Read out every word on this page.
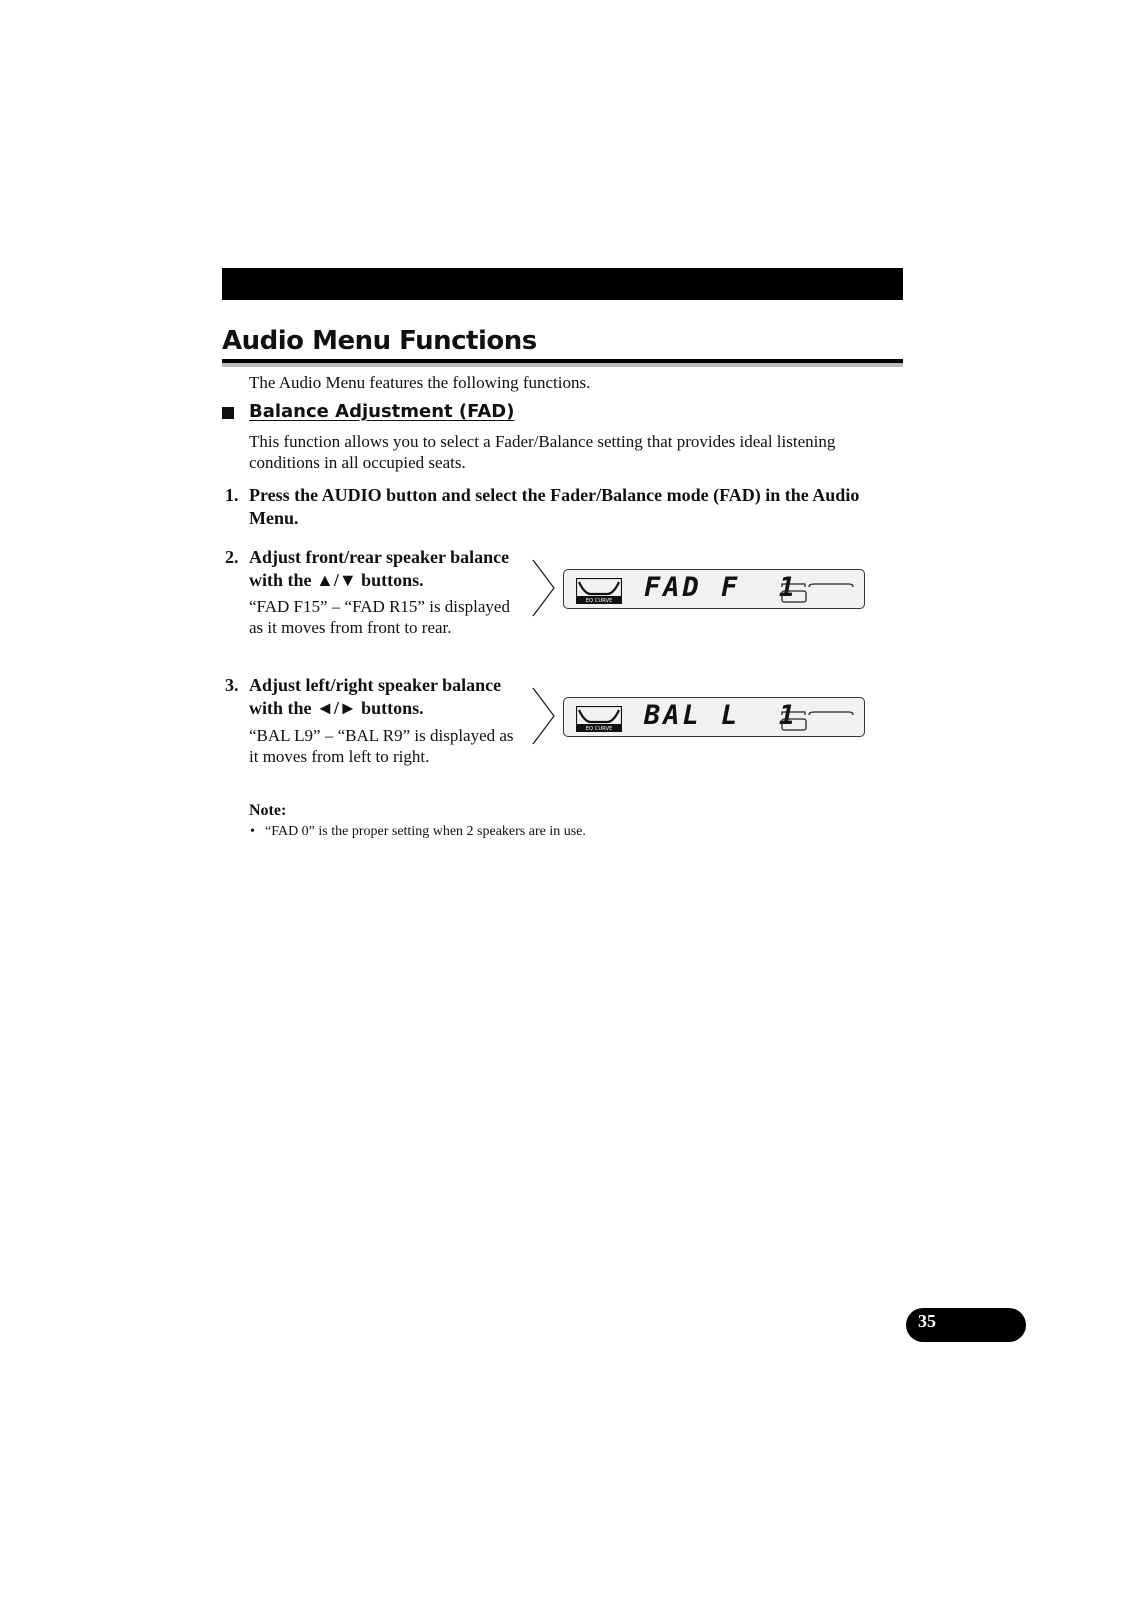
Audio Menu Functions
The Audio Menu features the following functions.
Balance Adjustment (FAD)
This function allows you to select a Fader/Balance setting that provides ideal listening conditions in all occupied seats.
1. Press the AUDIO button and select the Fader/Balance mode (FAD) in the Audio Menu.
2. Adjust front/rear speaker balance with the ▲/▼ buttons.
“FAD F15” – “FAD R15” is displayed as it moves from front to rear.
EQ CURVE FAD F  1
3. Adjust left/right speaker balance with the ◄/► buttons.
“BAL L9” – “BAL R9” is displayed as it moves from left to right.
EQ CURVE BAL L  1
Note:
• “FAD 0” is the proper setting when 2 speakers are in use.
35
